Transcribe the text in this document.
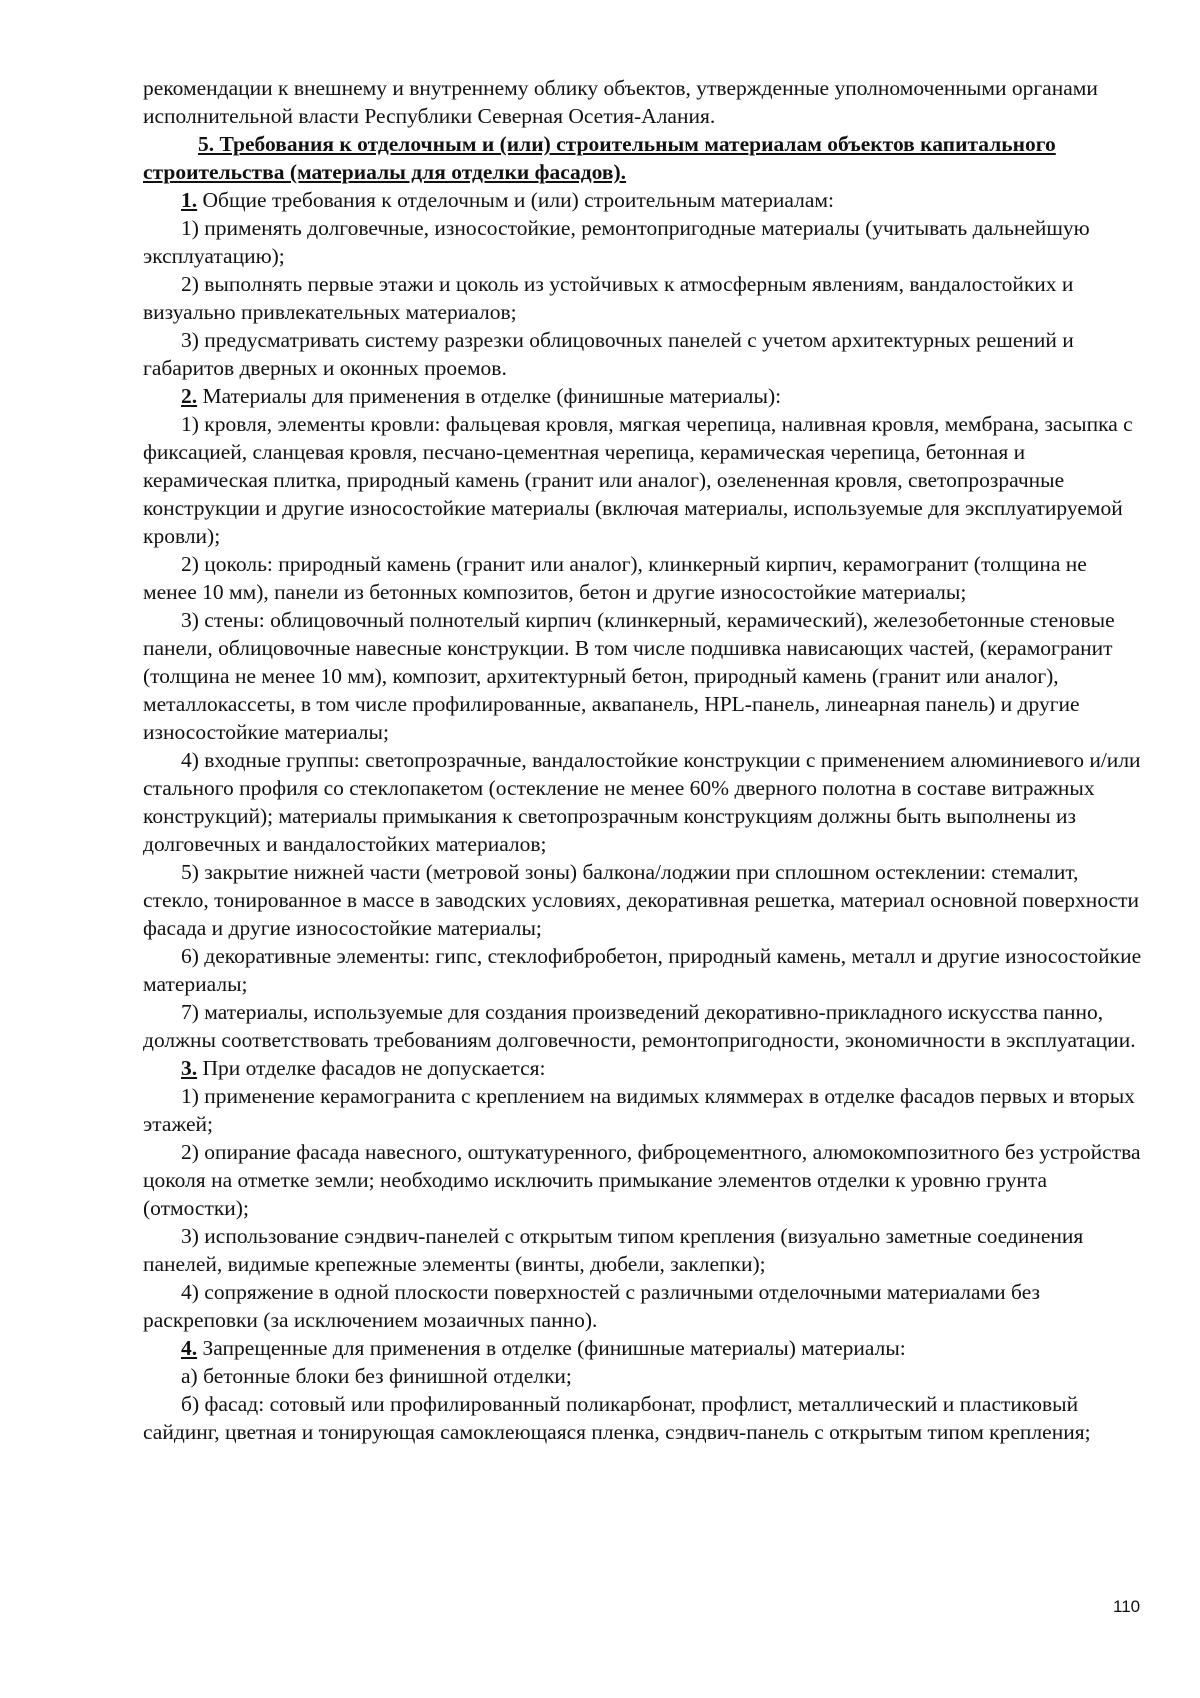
рекомендации к внешнему и внутреннему облику объектов, утвержденные уполномоченными органами исполнительной власти Республики Северная Осетия-Алания.

5. Требования к отделочным и (или) строительным материалам объектов капитального строительства (материалы для отделки фасадов).

1. Общие требования к отделочным и (или) строительным материалам:

1) применять долговечные, износостойкие, ремонтопригодные материалы (учитывать дальнейшую эксплуатацию);

2) выполнять первые этажи и цоколь из устойчивых к атмосферным явлениям, вандалостойких и визуально привлекательных материалов;

3) предусматривать систему разрезки облицовочных панелей с учетом архитектурных решений и габаритов дверных и оконных проемов.

2. Материалы для применения в отделке (финишные материалы):

1) кровля, элементы кровли: фальцевая кровля, мягкая черепица, наливная кровля, мембрана, засыпка с фиксацией, сланцевая кровля, песчано-цементная черепица, керамическая черепица, бетонная и керамическая плитка, природный камень (гранит или аналог), озелененная кровля, светопрозрачные конструкции и другие износостойкие материалы (включая материалы, используемые для эксплуатируемой кровли);

2) цоколь: природный камень (гранит или аналог), клинкерный кирпич, керамогранит (толщина не менее 10 мм), панели из бетонных композитов, бетон и другие износостойкие материалы;

3) стены: облицовочный полнотелый кирпич (клинкерный, керамический), железобетонные стеновые панели, облицовочные навесные конструкции. В том числе подшивка нависающих частей, (керамогранит (толщина не менее 10 мм), композит, архитектурный бетон, природный камень (гранит или аналог), металлокассеты, в том числе профилированные, аквапанель, HPL-панель, линеарная панель) и другие износостойкие материалы;

4) входные группы: светопрозрачные, вандалостойкие конструкции с применением алюминиевого и/или стального профиля со стеклопакетом (остекление не менее 60% дверного полотна в составе витражных конструкций); материалы примыкания к светопрозрачным конструкциям должны быть выполнены из долговечных и вандалостойких материалов;

5) закрытие нижней части (метровой зоны) балкона/лоджии при сплошном остеклении: стемалит, стекло, тонированное в массе в заводских условиях, декоративная решетка, материал основной поверхности фасада и другие износостойкие материалы;

6) декоративные элементы: гипс, стеклофибробетон, природный камень, металл и другие износостойкие материалы;

7) материалы, используемые для создания произведений декоративно-прикладного искусства панно, должны соответствовать требованиям долговечности, ремонтопригодности, экономичности в эксплуатации.

3. При отделке фасадов не допускается:

1) применение керамогранита с креплением на видимых кляммерах в отделке фасадов первых и вторых этажей;

2) опирание фасада навесного, оштукатуренного, фиброцементного, алюмокомпозитного без устройства цоколя на отметке земли; необходимо исключить примыкание элементов отделки к уровню грунта (отмостки);

3) использование сэндвич-панелей с открытым типом крепления (визуально заметные соединения панелей, видимые крепежные элементы (винты, дюбели, заклепки);

4) сопряжение в одной плоскости поверхностей с различными отделочными материалами без раскреповки (за исключением мозаичных панно).

4. Запрещенные для применения в отделке (финишные материалы) материалы:

а) бетонные блоки без финишной отделки;

б) фасад: сотовый или профилированный поликарбонат, профлист, металлический и пластиковый сайдинг, цветная и тонирующая самоклеющаяся пленка, сэндвич-панель с открытым типом крепления;

110
